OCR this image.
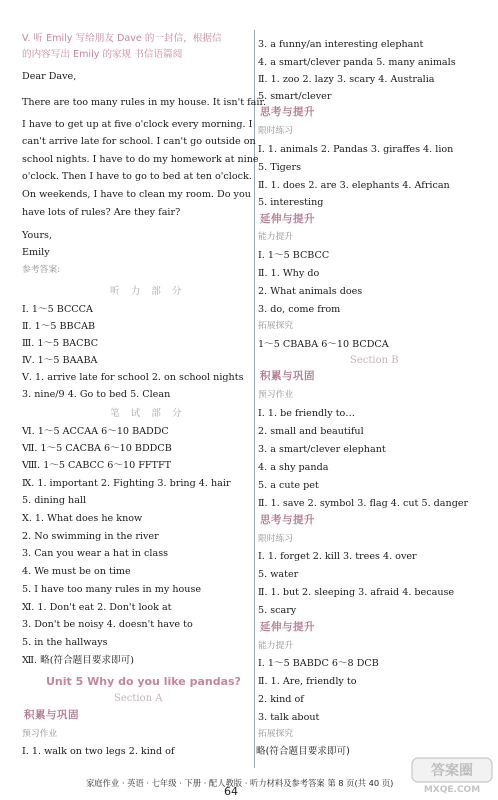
V. 听 Emily 写给朋友 Dave 的一封信，根据信
的内容写出 Emily 的家规 书信语篇阅
Dear Dave,
There are too many rules in my house. It isn't fair.
I have to get up at five o'clock every morning. I
can't arrive late for school. I can't go outside on
school nights. I have to do my homework at nine
o'clock. Then I have to go to bed at ten o'clock.
On weekends, I have to clean my room. Do you
have lots of rules? Are they fair?
Yours,
Emily
参考答案:
听 力 部 分
Ⅰ. 1～5 BCCCA
Ⅱ. 1～5 BBCAB
Ⅲ. 1～5 BACBC
Ⅳ. 1～5 BAABA
Ⅴ. 1. arrive late for school 2. on school nights
3. nine/9 4. Go to bed 5. Clean
笔 试 部 分
Ⅵ. 1～5 ACCAA 6～10 BADDC
Ⅶ. 1～5 CACBA 6～10 BDDCB
Ⅷ. 1～5 CABCC 6～10 FFTFT
Ⅸ. 1. important 2. Fighting 3. bring 4. hair
5. dining hall
Ⅹ. 1. What does he know
2. No swimming in the river
3. Can you wear a hat in class
4. We must be on time
5. I have too many rules in my house
Ⅺ. 1. Don't eat 2. Don't look at
3. Don't be noisy 4. doesn't have to
5. in the hallways
Ⅻ. 略(符合题目要求即可)
Unit 5 Why do you like pandas?
Section A
积累与巩固
预习作业
Ⅰ. 1. walk on two legs 2. kind of
3. a funny/an interesting elephant
4. a smart/clever panda 5. many animals
Ⅱ. 1. zoo 2. lazy 3. scary 4. Australia
5. smart/clever
思考与提升
限时练习
Ⅰ. 1. animals 2. Pandas 3. giraffes 4. lion
5. Tigers
Ⅱ. 1. does 2. are 3. elephants 4. African
5. interesting
延伸与提升
能力提升
Ⅰ. 1～5 BCBCC
Ⅱ. 1. Why do
2. What animals does
3. do, come from
拓展探究
1～5 CBABA 6～10 BCDCA
Section B
积累与巩固
预习作业
Ⅰ. 1. be friendly to…
2. small and beautiful
3. a smart/clever elephant
4. a shy panda
5. a cute pet
Ⅱ. 1. save 2. symbol 3. flag 4. cut 5. danger
思考与提升
限时练习
Ⅰ. 1. forget 2. kill 3. trees 4. over
5. water
Ⅱ. 1. but 2. sleeping 3. afraid 4. because
5. scary
延伸与提升
能力提升
Ⅰ. 1～5 BABDC 6～8 DCB
Ⅱ. 1. Are, friendly to
2. kind of
3. talk about
拓展探究
略(符合题目要求即可)
家庭作业 · 英语 · 七年级 · 下册 · 配人教版 · 听力材料及参考答案 第 8 页(共 40 页)
64
答案圈
MXQE.COM
